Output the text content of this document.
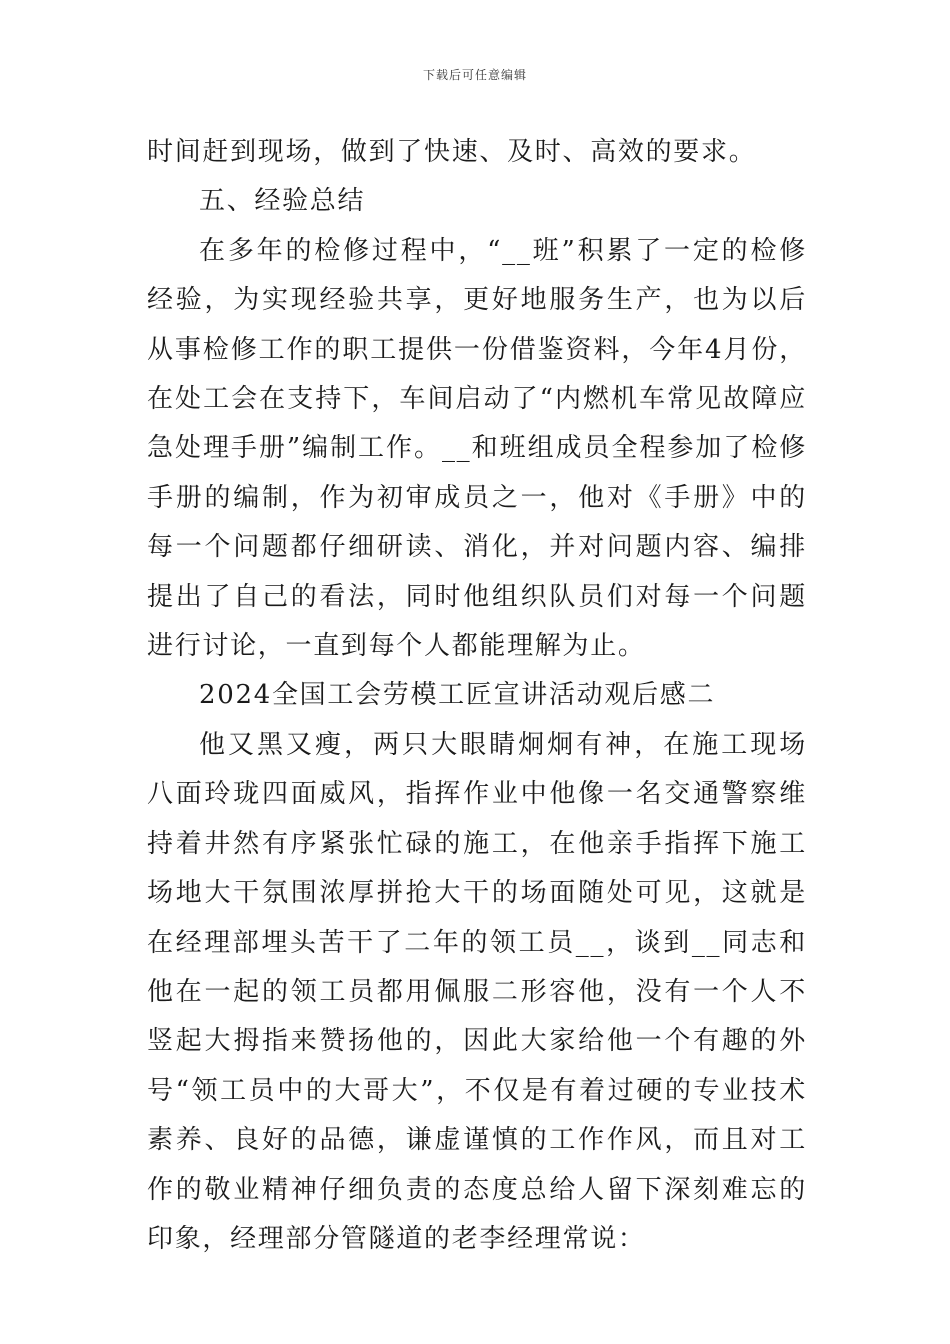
下载后可任意编辑

时间赶到现场，做到了快速、及时、高效的要求。

五、经验总结

在多年的检修过程中，“__班”积累了一定的检修经验，为实现经验共享，更好地服务生产，也为以后从事检修工作的职工提供一份借鉴资料，今年4月份，在处工会在支持下，车间启动了“内燃机车常见故障应急处理手册”编制工作。__和班组成员全程参加了检修手册的编制，作为初审成员之一，他对《手册》中的每一个问题都仔细研读、消化，并对问题内容、编排提出了自己的看法，同时他组织队员们对每一个问题进行讨论，一直到每个人都能理解为止。

2024全国工会劳模工匠宣讲活动观后感二

他又黑又瘦，两只大眼睛炯炯有神，在施工现场八面玲珑四面威风，指挥作业中他像一名交通警察维持着井然有序紧张忙碌的施工，在他亲手指挥下施工场地大干氛围浓厚拼抢大干的场面随处可见，这就是在经理部埋头苦干了二年的领工员__，谈到__同志和他在一起的领工员都用佩服二形容他，没有一个人不竖起大拇指来赞扬他的，因此大家给他一个有趣的外号“领工员中的大哥大”，不仅是有着过硬的专业技术素养、良好的品德，谦虚谨慎的工作作风，而且对工作的敬业精神仔细负责的态度总给人留下深刻难忘的印象，经理部分管隧道的老李经理常说：
